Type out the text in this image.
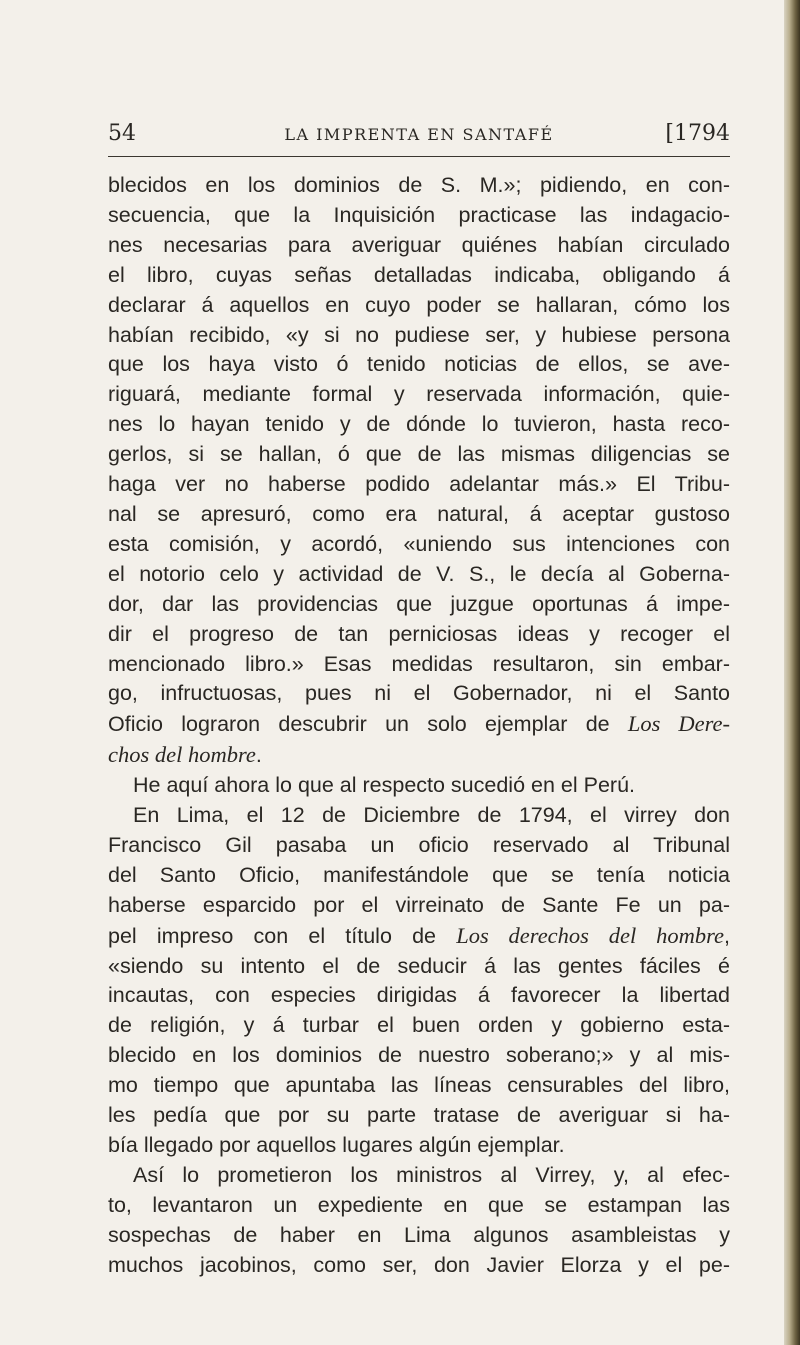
54	LA IMPRENTA EN SANTAFÉ	[1794
blecidos en los dominios de S. M.»; pidiendo, en con-
secuencia, que la Inquisición practicase las indagacio-
nes necesarias para averiguar quiénes habían circulado
el libro, cuyas señas detalladas indicaba, obligando á
declarar á aquellos en cuyo poder se hallaran, cómo los
habían recibido, «y si no pudiese ser, y hubiese persona
que los haya visto ó tenido noticias de ellos, se ave-
riguará, mediante formal y reservada información, quie-
nes lo hayan tenido y de dónde lo tuvieron, hasta reco-
gerlos, si se hallan, ó que de las mismas diligencias se
haga ver no haberse podido adelantar más.» El Tribu-
nal se apresuró, como era natural, á aceptar gustoso
esta comisión, y acordó, «uniendo sus intenciones con
el notorio celo y actividad de V. S., le decía al Goberna-
dor, dar las providencias que juzgue oportunas á impe-
dir el progreso de tan perniciosas ideas y recoger el
mencionado libro.» Esas medidas resultaron, sin embar-
go, infructuosas, pues ni el Gobernador, ni el Santo
Oficio lograron descubrir un solo ejemplar de Los Dere-
chos del hombre.
He aquí ahora lo que al respecto sucedió en el Perú.
En Lima, el 12 de Diciembre de 1794, el virrey don
Francisco Gil pasaba un oficio reservado al Tribunal
del Santo Oficio, manifestándole que se tenía noticia
haberse esparcido por el virreinato de Sante Fe un pa-
pel impreso con el título de Los derechos del hombre,
«siendo su intento el de seducir á las gentes fáciles é
incautas, con especies dirigidas á favorecer la libertad
de religión, y á turbar el buen orden y gobierno esta-
blecido en los dominios de nuestro soberano;» y al mis-
mo tiempo que apuntaba las líneas censurables del libro,
les pedía que por su parte tratase de averiguar si ha-
bía llegado por aquellos lugares algún ejemplar.
Así lo prometieron los ministros al Virrey, y, al efec-
to, levantaron un expediente en que se estampan las
sospechas de haber en Lima algunos asambleistas y
muchos jacobinos, como ser, don Javier Elorza y el pe-
